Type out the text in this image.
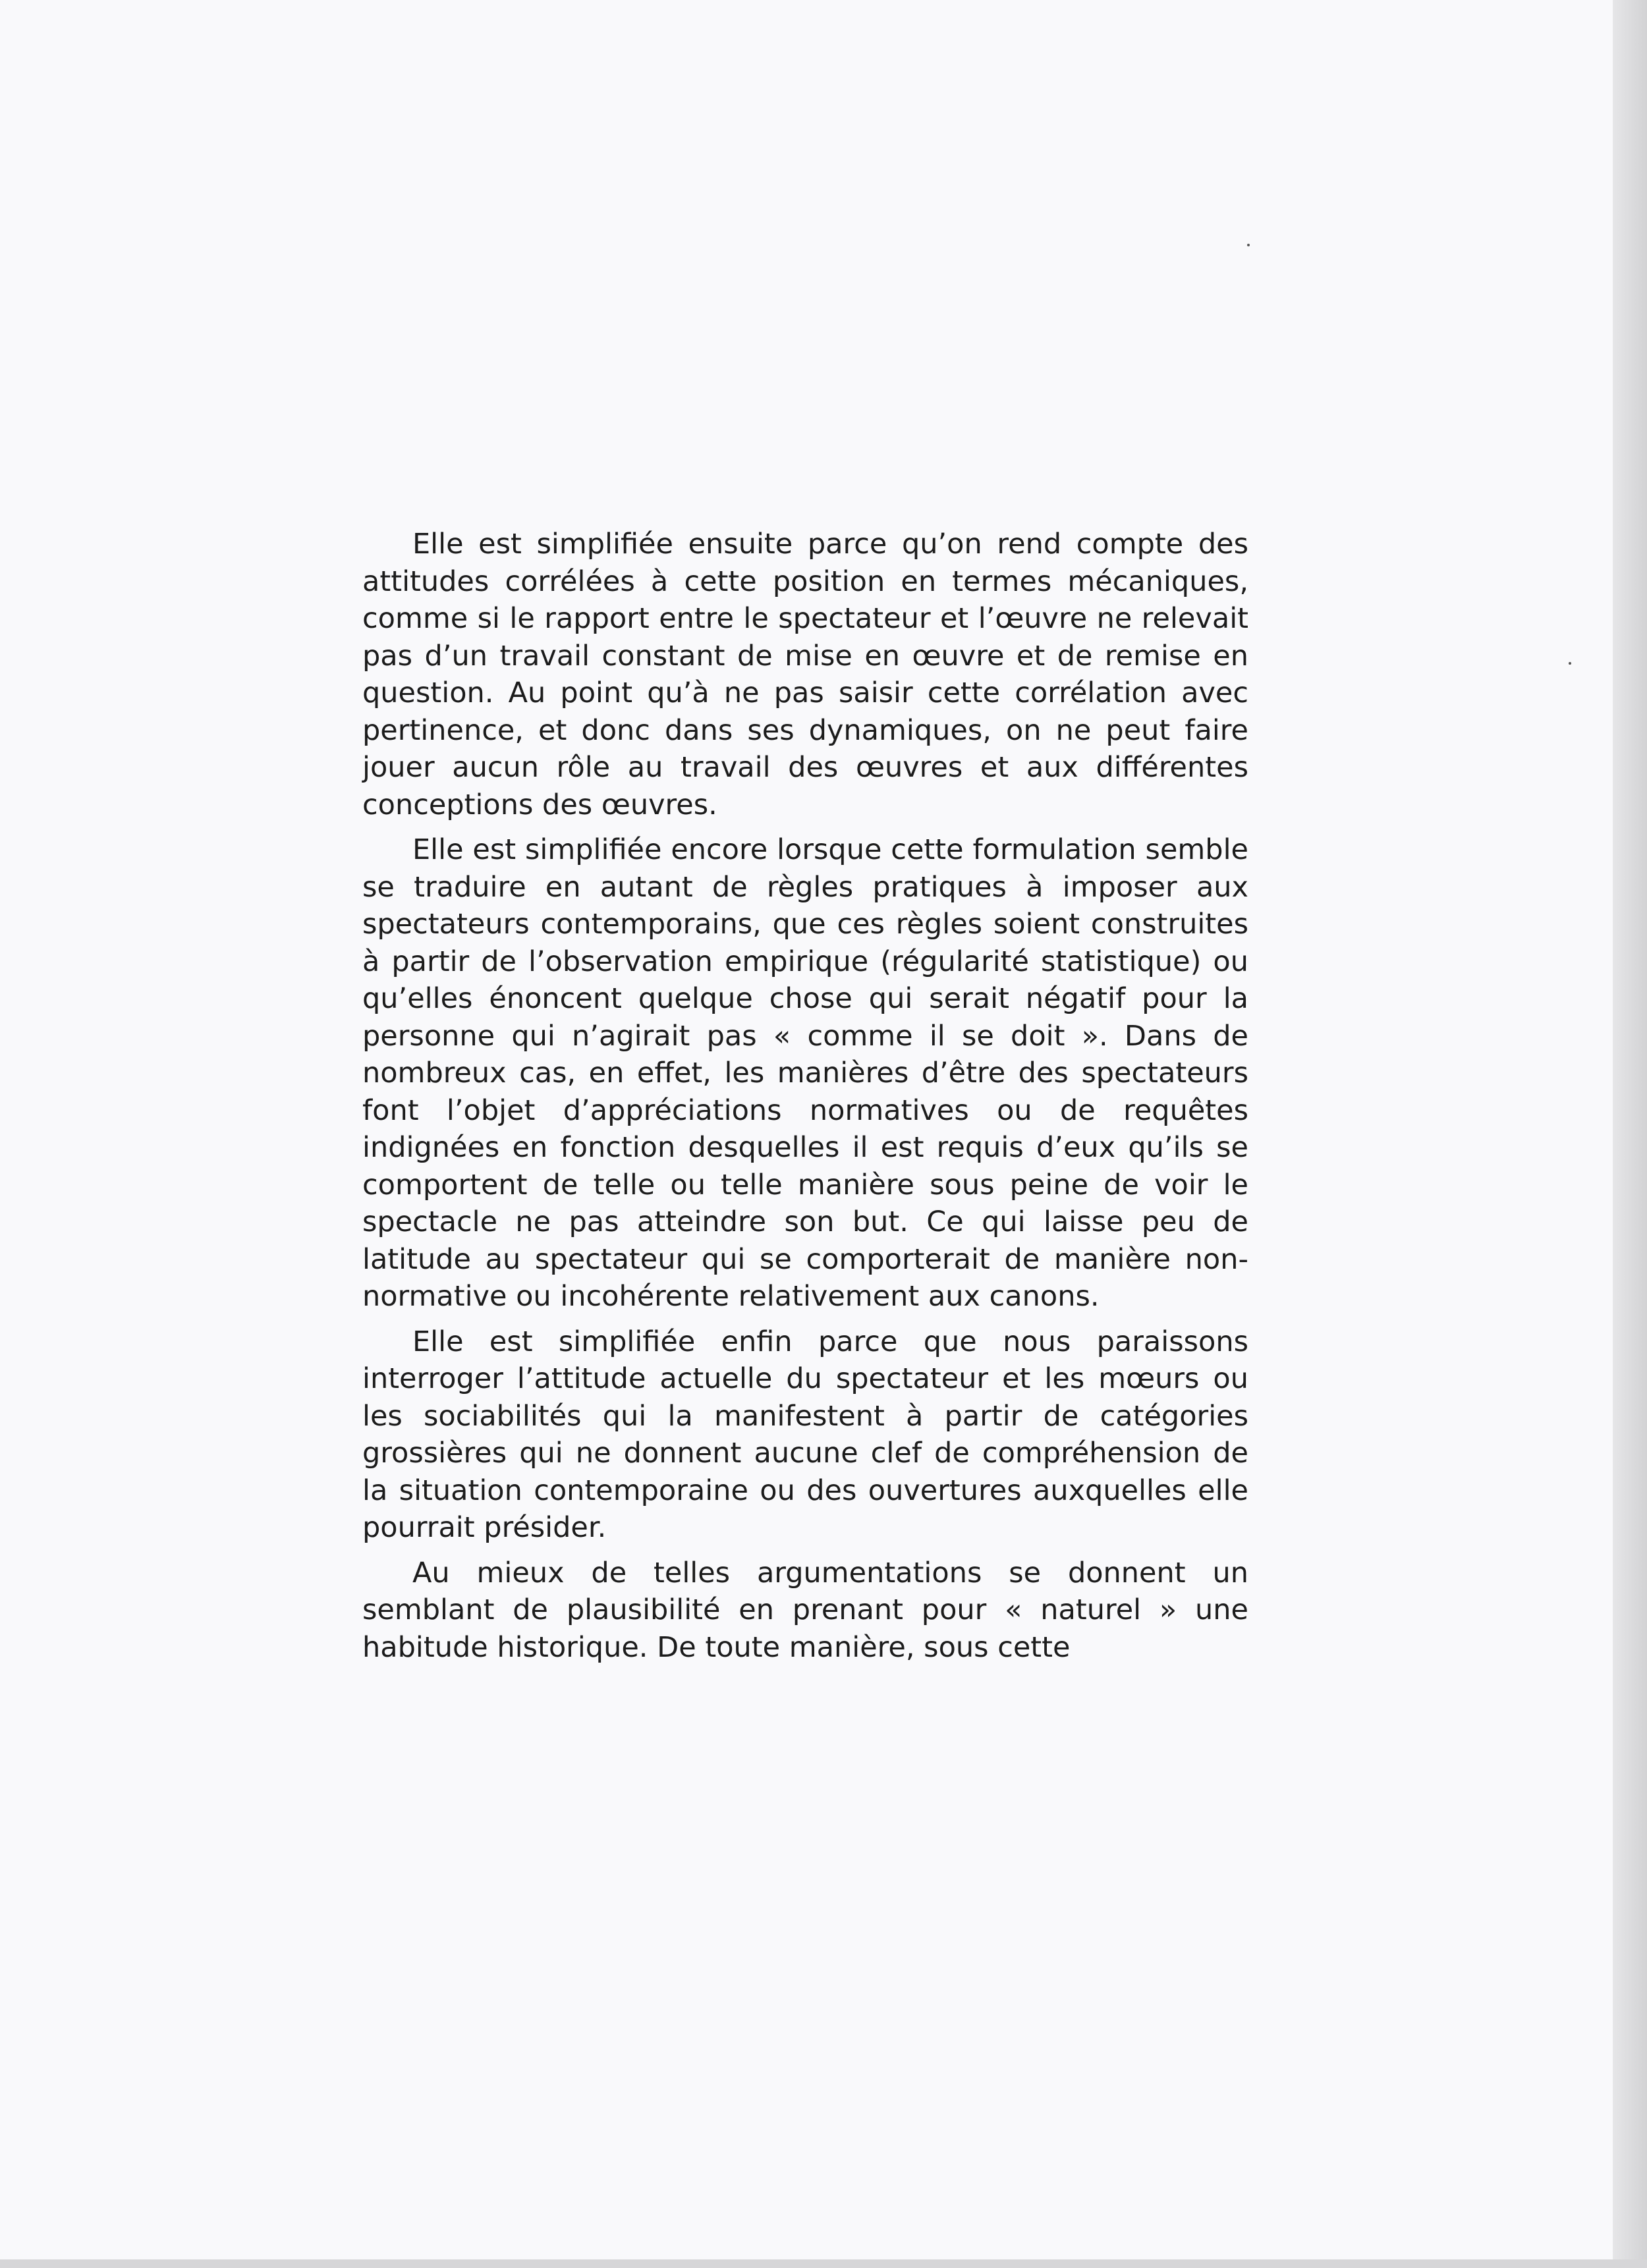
Elle est simplifiée ensuite parce qu’on rend compte des attitudes corrélées à cette position en termes mécaniques, comme si le rapport entre le spectateur et l’œuvre ne relevait pas d’un travail constant de mise en œuvre et de remise en question. Au point qu’à ne pas saisir cette corrélation avec pertinence, et donc dans ses dynamiques, on ne peut faire jouer aucun rôle au travail des œuvres et aux différentes conceptions des œuvres.

Elle est simplifiée encore lorsque cette formulation semble se traduire en autant de règles pratiques à imposer aux spectateurs contemporains, que ces règles soient construites à partir de l’observation empirique (régularité statistique) ou qu’elles énoncent quelque chose qui serait négatif pour la personne qui n’agirait pas « comme il se doit ». Dans de nombreux cas, en effet, les manières d’être des spectateurs font l’objet d’appréciations normatives ou de requêtes indignées en fonction desquelles il est requis d’eux qu’ils se comportent de telle ou telle manière sous peine de voir le spectacle ne pas atteindre son but. Ce qui laisse peu de latitude au spectateur qui se comporterait de manière non-normative ou incohérente relativement aux canons.

Elle est simplifiée enfin parce que nous paraissons interroger l’attitude actuelle du spectateur et les mœurs ou les sociabilités qui la manifestent à partir de catégories grossières qui ne donnent aucune clef de compréhension de la situation contemporaine ou des ouvertures auxquelles elle pourrait présider.

Au mieux de telles argumentations se donnent un semblant de plausibilité en prenant pour « naturel » une habitude historique. De toute manière, sous cette
